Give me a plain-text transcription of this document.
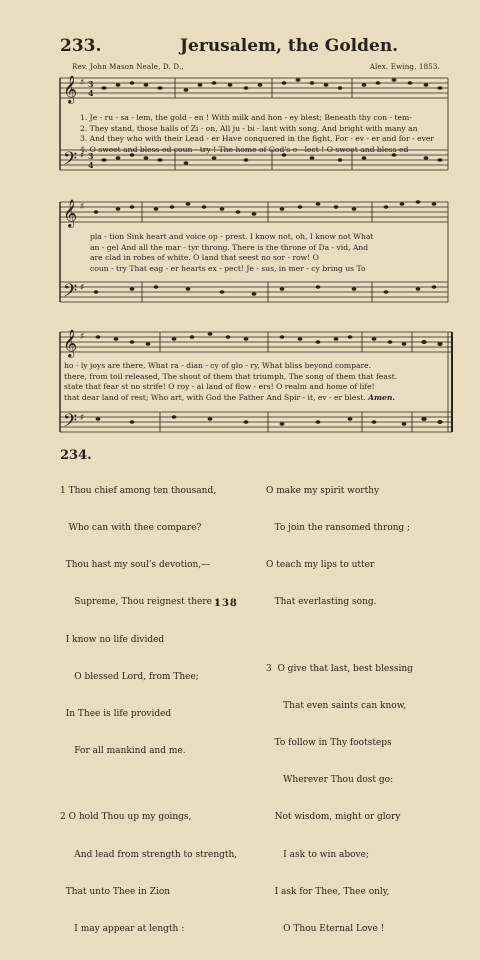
233.	Jerusalem, the Golden.
Rev. John Mason Neale, D. D.,	Alex. Ewing, 1853.
𝄞
𝄢
♯
♯
3
4
3
4
1. Je - ru - sa - lem, the gold - en ! With milk and hon - ey blest; Beneath thy con - tem-
2. They stand, those halls of Zi - on, All ju - bi - lant with song, And bright with many an
3. And they who with their Lead - er Have conquered in the fight, For - ev - er and for - ever
4. O sweet and bless-ed coun - try ! The home of God's e - lect ! O sweet and bless-ed
𝄞
𝄢
♯
♯
pla - tion Sink heart and voice op - prest. I know not, oh, I know not What
an - gel And all the mar - tyr throng. There is the throne of Da - vid, And
are clad in robes of white. O land that seest no sor - row! O
coun - try That eag - er hearts ex - pect! Je - sus, in mer - cy bring us To
𝄞
𝄢
♯
♯
ho - ly joys are there, What ra - dian - cy of glo - ry, What bliss beyond compare.
there, from toil released, The shout of them that triumph, The song of them that feast.
state that fear st no strife! O roy - al land of flow - ers! O realm and home of life!
that dear land of rest; Who art, with God the Father And Spir - it, ev - er blest. Amen.
234.

1 Thou chief among ten thousand,

Who can with thee compare?

Thou hast my soul's devotion,—

Supreme, Thou reignest there :

I know no life divided

O blessed Lord, from Thee;

In Thee is life provided

For all mankind and me.

2 O hold Thou up my goings,

And lead from strength to strength,

That unto Thee in Zion

I may appear at length :

O make my spirit worthy

To join the ransomed throng ;

O teach my lips to utter

That everlasting song.

3  O give that last, best blessing

That even saints can know,

To follow in Thy footsteps

Wherever Thou dost go:

Not wisdom, might or glory

I ask to win above;

I ask for Thee, Thee only,

O Thou Eternal Love !

138
